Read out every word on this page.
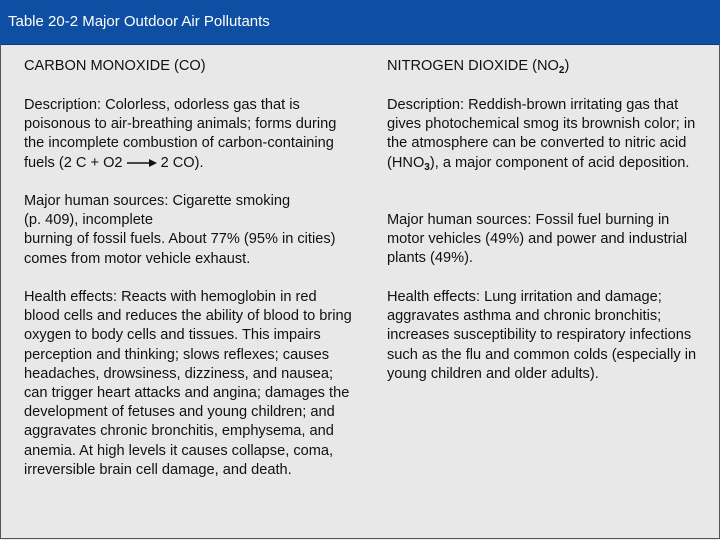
Table 20-2 Major Outdoor Air Pollutants
CARBON MONOXIDE (CO)
Description: Colorless, odorless gas that is poisonous to air-breathing animals; forms during the incomplete combustion of carbon-containing fuels (2 C + O2 → 2 CO).
Major human sources: Cigarette smoking
(p. 409), incomplete
burning of fossil fuels. About 77% (95% in cities) comes from motor vehicle exhaust.
Health effects: Reacts with hemoglobin in red blood cells and reduces the ability of blood to bring oxygen to body cells and tissues. This impairs perception and thinking; slows reflexes; causes headaches, drowsiness, dizziness, and nausea; can trigger heart attacks and angina; damages the development of fetuses and young children; and aggravates chronic bronchitis, emphysema, and anemia. At high levels it causes collapse, coma, irreversible brain cell damage, and death.
NITROGEN DIOXIDE $(NO_2)$
Description: Reddish-brown irritating gas that gives photochemical smog its brownish color; in the atmosphere can be converted to nitric acid $(HNO_3)$, a major component of acid deposition.
Major human sources: Fossil fuel burning in motor vehicles (49%) and power and industrial plants (49%).
Health effects: Lung irritation and damage; aggravates asthma and chronic bronchitis; increases susceptibility to respiratory infections such as the flu and common colds (especially in young children and older adults).
